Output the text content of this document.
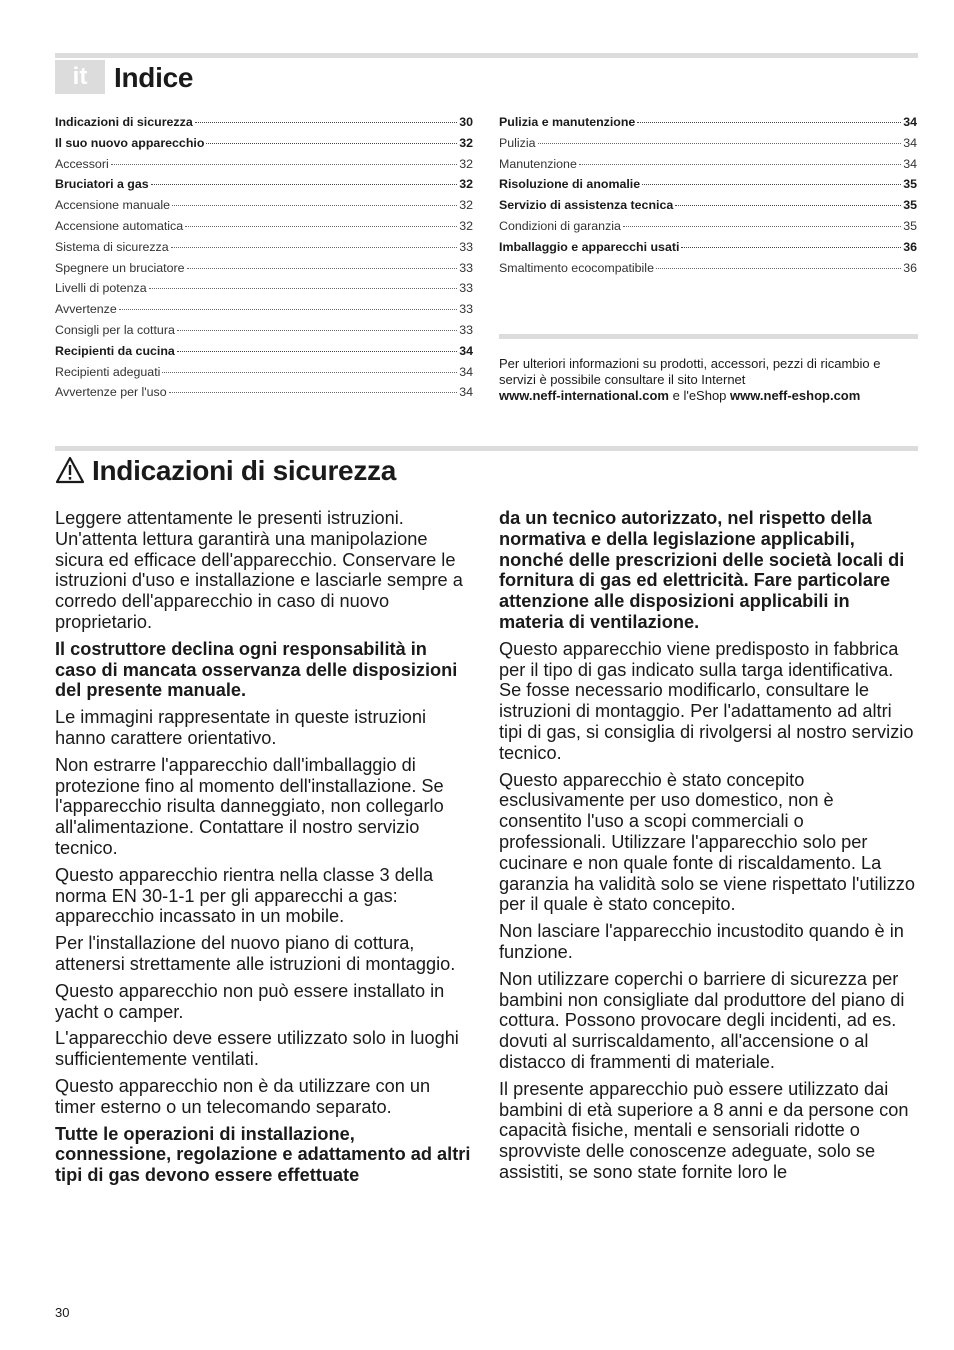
it Indice
Indicazioni di sicurezza	30
Il suo nuovo apparecchio	32
Accessori	32
Bruciatori a gas	32
Accensione manuale	32
Accensione automatica	32
Sistema di sicurezza	33
Spegnere un bruciatore	33
Livelli di potenza	33
Avvertenze	33
Consigli per la cottura	33
Recipienti da cucina	34
Recipienti adeguati	34
Avvertenze per l'uso	34
Pulizia e manutenzione	34
Pulizia	34
Manutenzione	34
Risoluzione di anomalie	35
Servizio di assistenza tecnica	35
Condizioni di garanzia	35
Imballaggio e apparecchi usati	36
Smaltimento ecocompatibile	36
Per ulteriori informazioni su prodotti, accessori, pezzi di ricambio e servizi è possibile consultare il sito Internet
www.neff-international.com e l'eShop www.neff-eshop.com
Indicazioni di sicurezza

Leggere attentamente le presenti istruzioni. Un'attenta lettura garantirà una manipolazione sicura ed efficace dell'apparecchio. Conservare le istruzioni d'uso e installazione e lasciarle sempre a corredo dell'apparecchio in caso di nuovo proprietario.

Il costruttore declina ogni responsabilità in caso di mancata osservanza delle disposizioni del presente manuale.

Le immagini rappresentate in queste istruzioni hanno carattere orientativo.

Non estrarre l'apparecchio dall'imballaggio di protezione fino al momento dell'installazione. Se l'apparecchio risulta danneggiato, non collegarlo all'alimentazione. Contattare il nostro servizio tecnico.

Questo apparecchio rientra nella classe 3 della norma EN 30-1-1 per gli apparecchi a gas: apparecchio incassato in un mobile.

Per l'installazione del nuovo piano di cottura, attenersi strettamente alle istruzioni di montaggio.

Questo apparecchio non può essere installato in yacht o camper.

L'apparecchio deve essere utilizzato solo in luoghi sufficientemente ventilati.

Questo apparecchio non è da utilizzare con un timer esterno o un telecomando separato.

Tutte le operazioni di installazione, connessione, regolazione e adattamento ad altri tipi di gas devono essere effettuate

da un tecnico autorizzato, nel rispetto della normativa e della legislazione applicabili, nonché delle prescrizioni delle società locali di fornitura di gas ed elettricità. Fare particolare attenzione alle disposizioni applicabili in materia di ventilazione.

Questo apparecchio viene predisposto in fabbrica per il tipo di gas indicato sulla targa identificativa. Se fosse necessario modificarlo, consultare le istruzioni di montaggio. Per l'adattamento ad altri tipi di gas, si consiglia di rivolgersi al nostro servizio tecnico.

Questo apparecchio è stato concepito esclusivamente per uso domestico, non è consentito l'uso a scopi commerciali o professionali. Utilizzare l'apparecchio solo per cucinare e non quale fonte di riscaldamento. La garanzia ha validità solo se viene rispettato l'utilizzo per il quale è stato concepito.

Non lasciare l'apparecchio incustodito quando è in funzione.

Non utilizzare coperchi o barriere di sicurezza per bambini non consigliate dal produttore del piano di cottura. Possono provocare degli incidenti, ad es. dovuti al surriscaldamento, all'accensione o al distacco di frammenti di materiale.

Il presente apparecchio può essere utilizzato dai bambini di età superiore a 8 anni e da persone con capacità fisiche, mentali e sensoriali ridotte o sprovviste delle conoscenze adeguate, solo se assistiti, se sono state fornite loro le

30
